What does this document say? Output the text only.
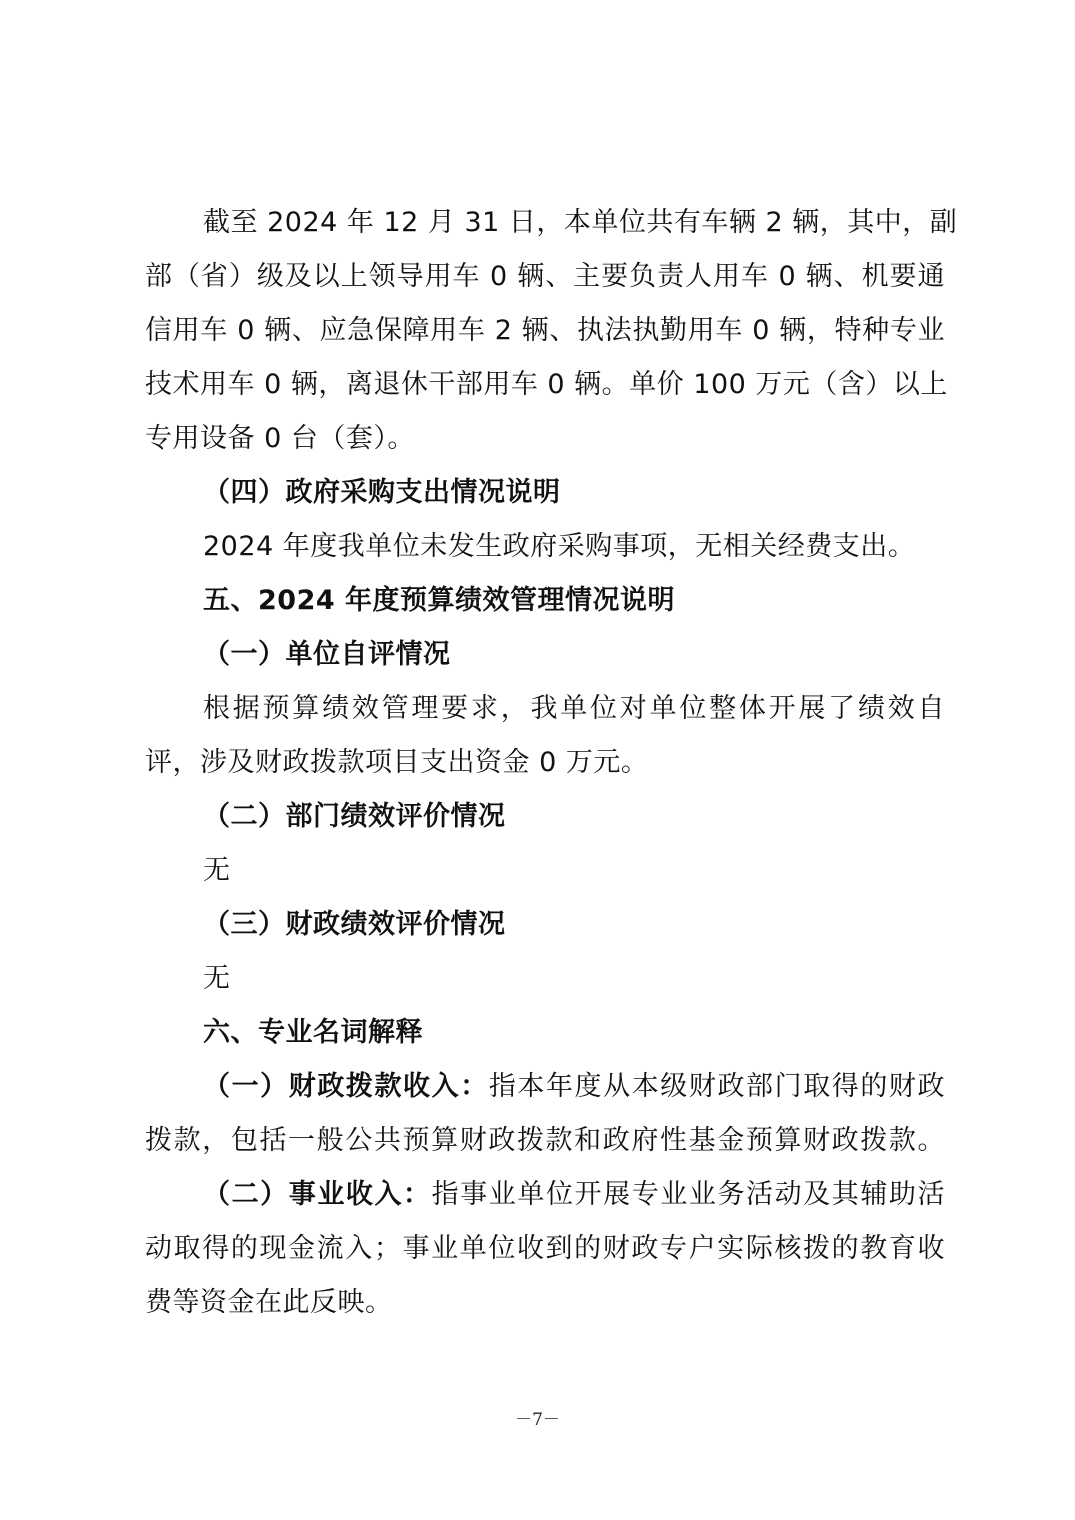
截至 2024 年 12 月 31 日，本单位共有车辆 2 辆，其中，副

部（省）级及以上领导用车 0 辆、主要负责人用车 0 辆、机要通

信用车 0 辆、应急保障用车 2 辆、执法执勤用车 0 辆，特种专业

技术用车 0 辆，离退休干部用车 0 辆。单价 100 万元（含）以上

专用设备 0 台（套）。

（四）政府采购支出情况说明

2024 年度我单位未发生政府采购事项，无相关经费支出。

五、2024 年度预算绩效管理情况说明

（一）单位自评情况

根据预算绩效管理要求，我单位对单位整体开展了绩效自

评，涉及财政拨款项目支出资金 0 万元。

（二）部门绩效评价情况

无

（三）财政绩效评价情况

无

六、专业名词解释

（一）财政拨款收入：指本年度从本级财政部门取得的财政

拨款，包括一般公共预算财政拨款和政府性基金预算财政拨款。

（二）事业收入：指事业单位开展专业业务活动及其辅助活

动取得的现金流入；事业单位收到的财政专户实际核拨的教育收

费等资金在此反映。

－7－
